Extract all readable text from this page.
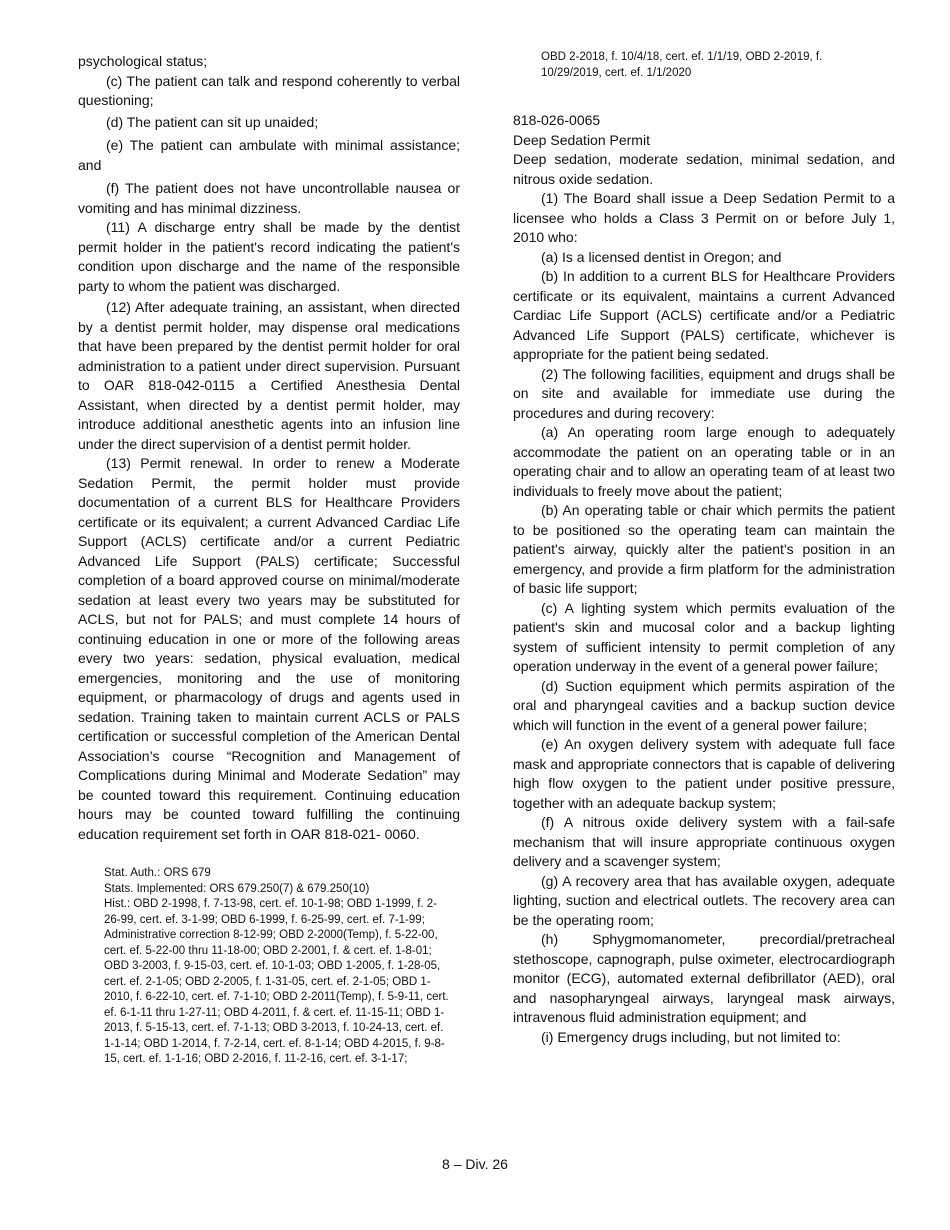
psychological status;

(c) The patient can talk and respond coherently to verbal questioning;

(d) The patient can sit up unaided;

(e) The patient can ambulate with minimal assistance; and

(f) The patient does not have uncontrollable nausea or vomiting and has minimal dizziness.

(11) A discharge entry shall be made by the dentist permit holder in the patient's record indicating the patient's condition upon discharge and the name of the responsible party to whom the patient was discharged.

(12) After adequate training, an assistant, when directed by a dentist permit holder, may dispense oral medications that have been prepared by the dentist permit holder for oral administration to a patient under direct supervision. Pursuant to OAR 818-042-0115 a Certified Anesthesia Dental Assistant, when directed by a dentist permit holder, may introduce additional anesthetic agents into an infusion line under the direct supervision of a dentist permit holder.

(13) Permit renewal. In order to renew a Moderate Sedation Permit, the permit holder must provide documentation of a current BLS for Healthcare Providers certificate or its equivalent; a current Advanced Cardiac Life Support (ACLS) certificate and/or a current Pediatric Advanced Life Support (PALS) certificate; Successful completion of a board approved course on minimal/moderate sedation at least every two years may be substituted for ACLS, but not for PALS; and must complete 14 hours of continuing education in one or more of the following areas every two years: sedation, physical evaluation, medical emergencies, monitoring and the use of monitoring equipment, or pharmacology of drugs and agents used in sedation. Training taken to maintain current ACLS or PALS certification or successful completion of the American Dental Association’s course “Recognition and Management of Complications during Minimal and Moderate Sedation” may be counted toward this requirement. Continuing education hours may be counted toward fulfilling the continuing education requirement set forth in OAR 818-021- 0060.

Stat. Auth.: ORS 679
Stats. Implemented: ORS 679.250(7) & 679.250(10)
Hist.: OBD 2-1998, f. 7-13-98, cert. ef. 10-1-98; OBD 1-1999, f. 2-26-99, cert. ef. 3-1-99; OBD 6-1999, f. 6-25-99, cert. ef. 7-1-99; Administrative correction 8-12-99; OBD 2-2000(Temp), f. 5-22-00, cert. ef. 5-22-00 thru 11-18-00; OBD 2-2001, f. & cert. ef. 1-8-01; OBD 3-2003, f. 9-15-03, cert. ef. 10-1-03; OBD 1-2005, f. 1-28-05, cert. ef. 2-1-05; OBD 2-2005, f. 1-31-05, cert. ef. 2-1-05; OBD 1-2010, f. 6-22-10, cert. ef. 7-1-10; OBD 2-2011(Temp), f. 5-9-11, cert. ef. 6-1-11 thru 1-27-11; OBD 4-2011, f. & cert. ef. 11-15-11; OBD 1-2013, f. 5-15-13, cert. ef. 7-1-13; OBD 3-2013, f. 10-24-13, cert. ef. 1-1-14; OBD 1-2014, f. 7-2-14, cert. ef. 8-1-14; OBD 4-2015, f. 9-8-15, cert. ef. 1-1-16; OBD 2-2016, f. 11-2-16, cert. ef. 3-1-17;
OBD 2-2018, f. 10/4/18, cert. ef. 1/1/19, OBD 2-2019, f. 10/29/2019, cert. ef. 1/1/2020
818-026-0065
Deep Sedation Permit

Deep sedation, moderate sedation, minimal sedation, and nitrous oxide sedation.

(1) The Board shall issue a Deep Sedation Permit to a licensee who holds a Class 3 Permit on or before July 1, 2010 who:

(a) Is a licensed dentist in Oregon; and

(b) In addition to a current BLS for Healthcare Providers certificate or its equivalent, maintains a current Advanced Cardiac Life Support (ACLS) certificate and/or a Pediatric Advanced Life Support (PALS) certificate, whichever is appropriate for the patient being sedated.

(2) The following facilities, equipment and drugs shall be on site and available for immediate use during the procedures and during recovery:

(a) An operating room large enough to adequately accommodate the patient on an operating table or in an operating chair and to allow an operating team of at least two individuals to freely move about the patient;

(b) An operating table or chair which permits the patient to be positioned so the operating team can maintain the patient's airway, quickly alter the patient's position in an emergency, and provide a firm platform for the administration of basic life support;

(c) A lighting system which permits evaluation of the patient's skin and mucosal color and a backup lighting system of sufficient intensity to permit completion of any operation underway in the event of a general power failure;

(d) Suction equipment which permits aspiration of the oral and pharyngeal cavities and a backup suction device which will function in the event of a general power failure;

(e) An oxygen delivery system with adequate full face mask and appropriate connectors that is capable of delivering high flow oxygen to the patient under positive pressure, together with an adequate backup system;

(f) A nitrous oxide delivery system with a fail-safe mechanism that will insure appropriate continuous oxygen delivery and a scavenger system;

(g) A recovery area that has available oxygen, adequate lighting, suction and electrical outlets. The recovery area can be the operating room;

(h) Sphygmomanometer, precordial/pretracheal stethoscope, capnograph, pulse oximeter, electrocardiograph monitor (ECG), automated external defibrillator (AED), oral and nasopharyngeal airways, laryngeal mask airways, intravenous fluid administration equipment; and

(i) Emergency drugs including, but not limited to:

8 – Div. 26
